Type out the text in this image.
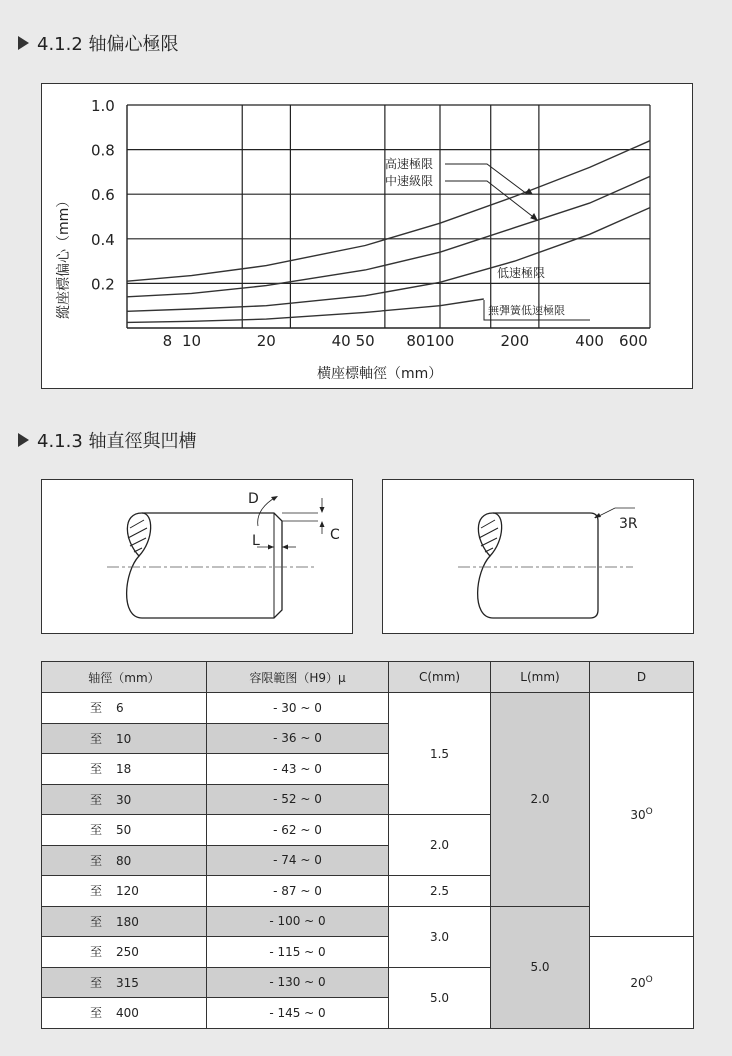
4.1.2 轴偏心極限
0.2
0.4
0.6
0.8
1.0
8 10	20	40 50 80 100	200	400 600
縱座標偏心（mm）
横座標軸徑（mm）
高速極限
中速級限
低速極限
無彈簧低速極限
4.1.3 轴直徑與凹槽
D
C
L
3R
轴徑（mm）	容限範图（H9）μ	C(mm)	L(mm)	D
至 6	- 30 ~ 0	1.5	2.0	$30^O$
至 10	- 36 ~ 0			
至 18	- 43 ~ 0			
至 30	- 52 ~ 0			
至 50	- 62 ~ 0	2.0		
至 80	- 74 ~ 0			
至 120	- 87 ~ 0	2.5		
至 180	- 100 ~ 0	3.0	5.0	
至 250	- 115 ~ 0			$20^O$
至 315	- 130 ~ 0	5.0		
至 400	- 145 ~ 0			
